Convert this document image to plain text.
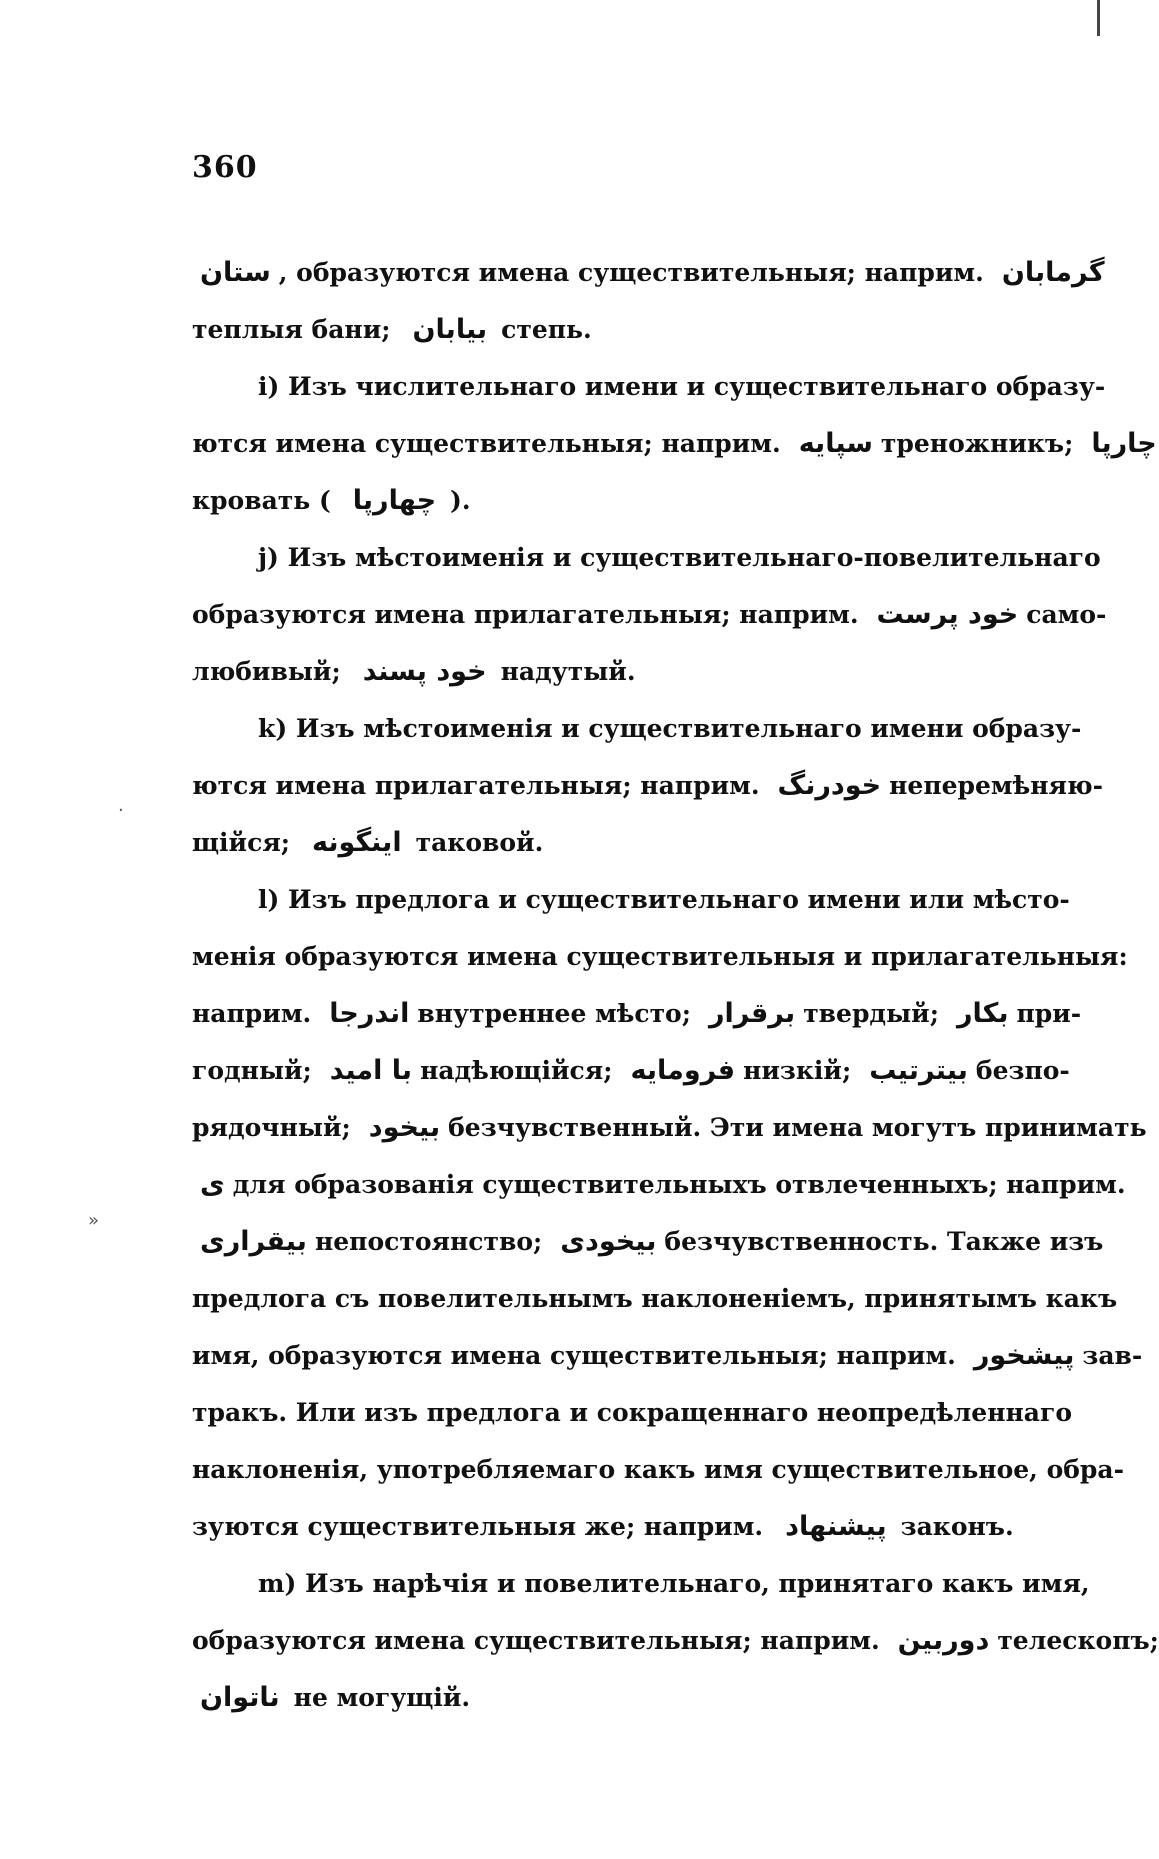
360
ستان , образуются имена существительныя; наприм. گرمابان
теплыя бани; بیابان степь.
i) Изъ числительнаго имени и существительнаго образу-
ются имена существительныя; наприм. سپایه треножникъ; چارپا
кровать ( چهارپا ).
j) Изъ мѣстоименія и существительнаго-повелительнаго
образуются имена прилагательныя; наприм. خود پرست само-
любивый; خود پسند надутый.
k) Изъ мѣстоименія и существительнаго имени образу-
ются имена прилагательныя; наприм. خودرنگ неперемѣняю-
щійся; اینگونه таковой.
l) Изъ предлога и существительнаго имени или мѣсто-
менія образуются имена существительныя и прилагательныя:
наприм. اندرجا внутреннее мѣсто; برقرار твердый; بکار при-
годный; با امید надѣющійся; فرومایه низкій; بیترتیب безпо-
рядочный; بیخود безчувственный. Эти имена могутъ принимать
ی для образованія существительныхъ отвлеченныхъ; наприм.
بیقراری непостоянство; بیخودی безчувственность. Также изъ
предлога съ повелительнымъ наклоненіемъ, принятымъ какъ
имя, образуются имена существительныя; наприм. پیشخور зав-
тракъ. Или изъ предлога и сокращеннаго неопредѣленнаго
наклоненія, употребляемаго какъ имя существительное, обра-
зуются существительныя же; наприм. پیشنهاد законъ.
m) Изъ нарѣчія и повелительнаго, принятаго какъ имя,
образуются имена существительныя; наприм. دوربین телескопъ;
ناتوان не могущій.
·
»
